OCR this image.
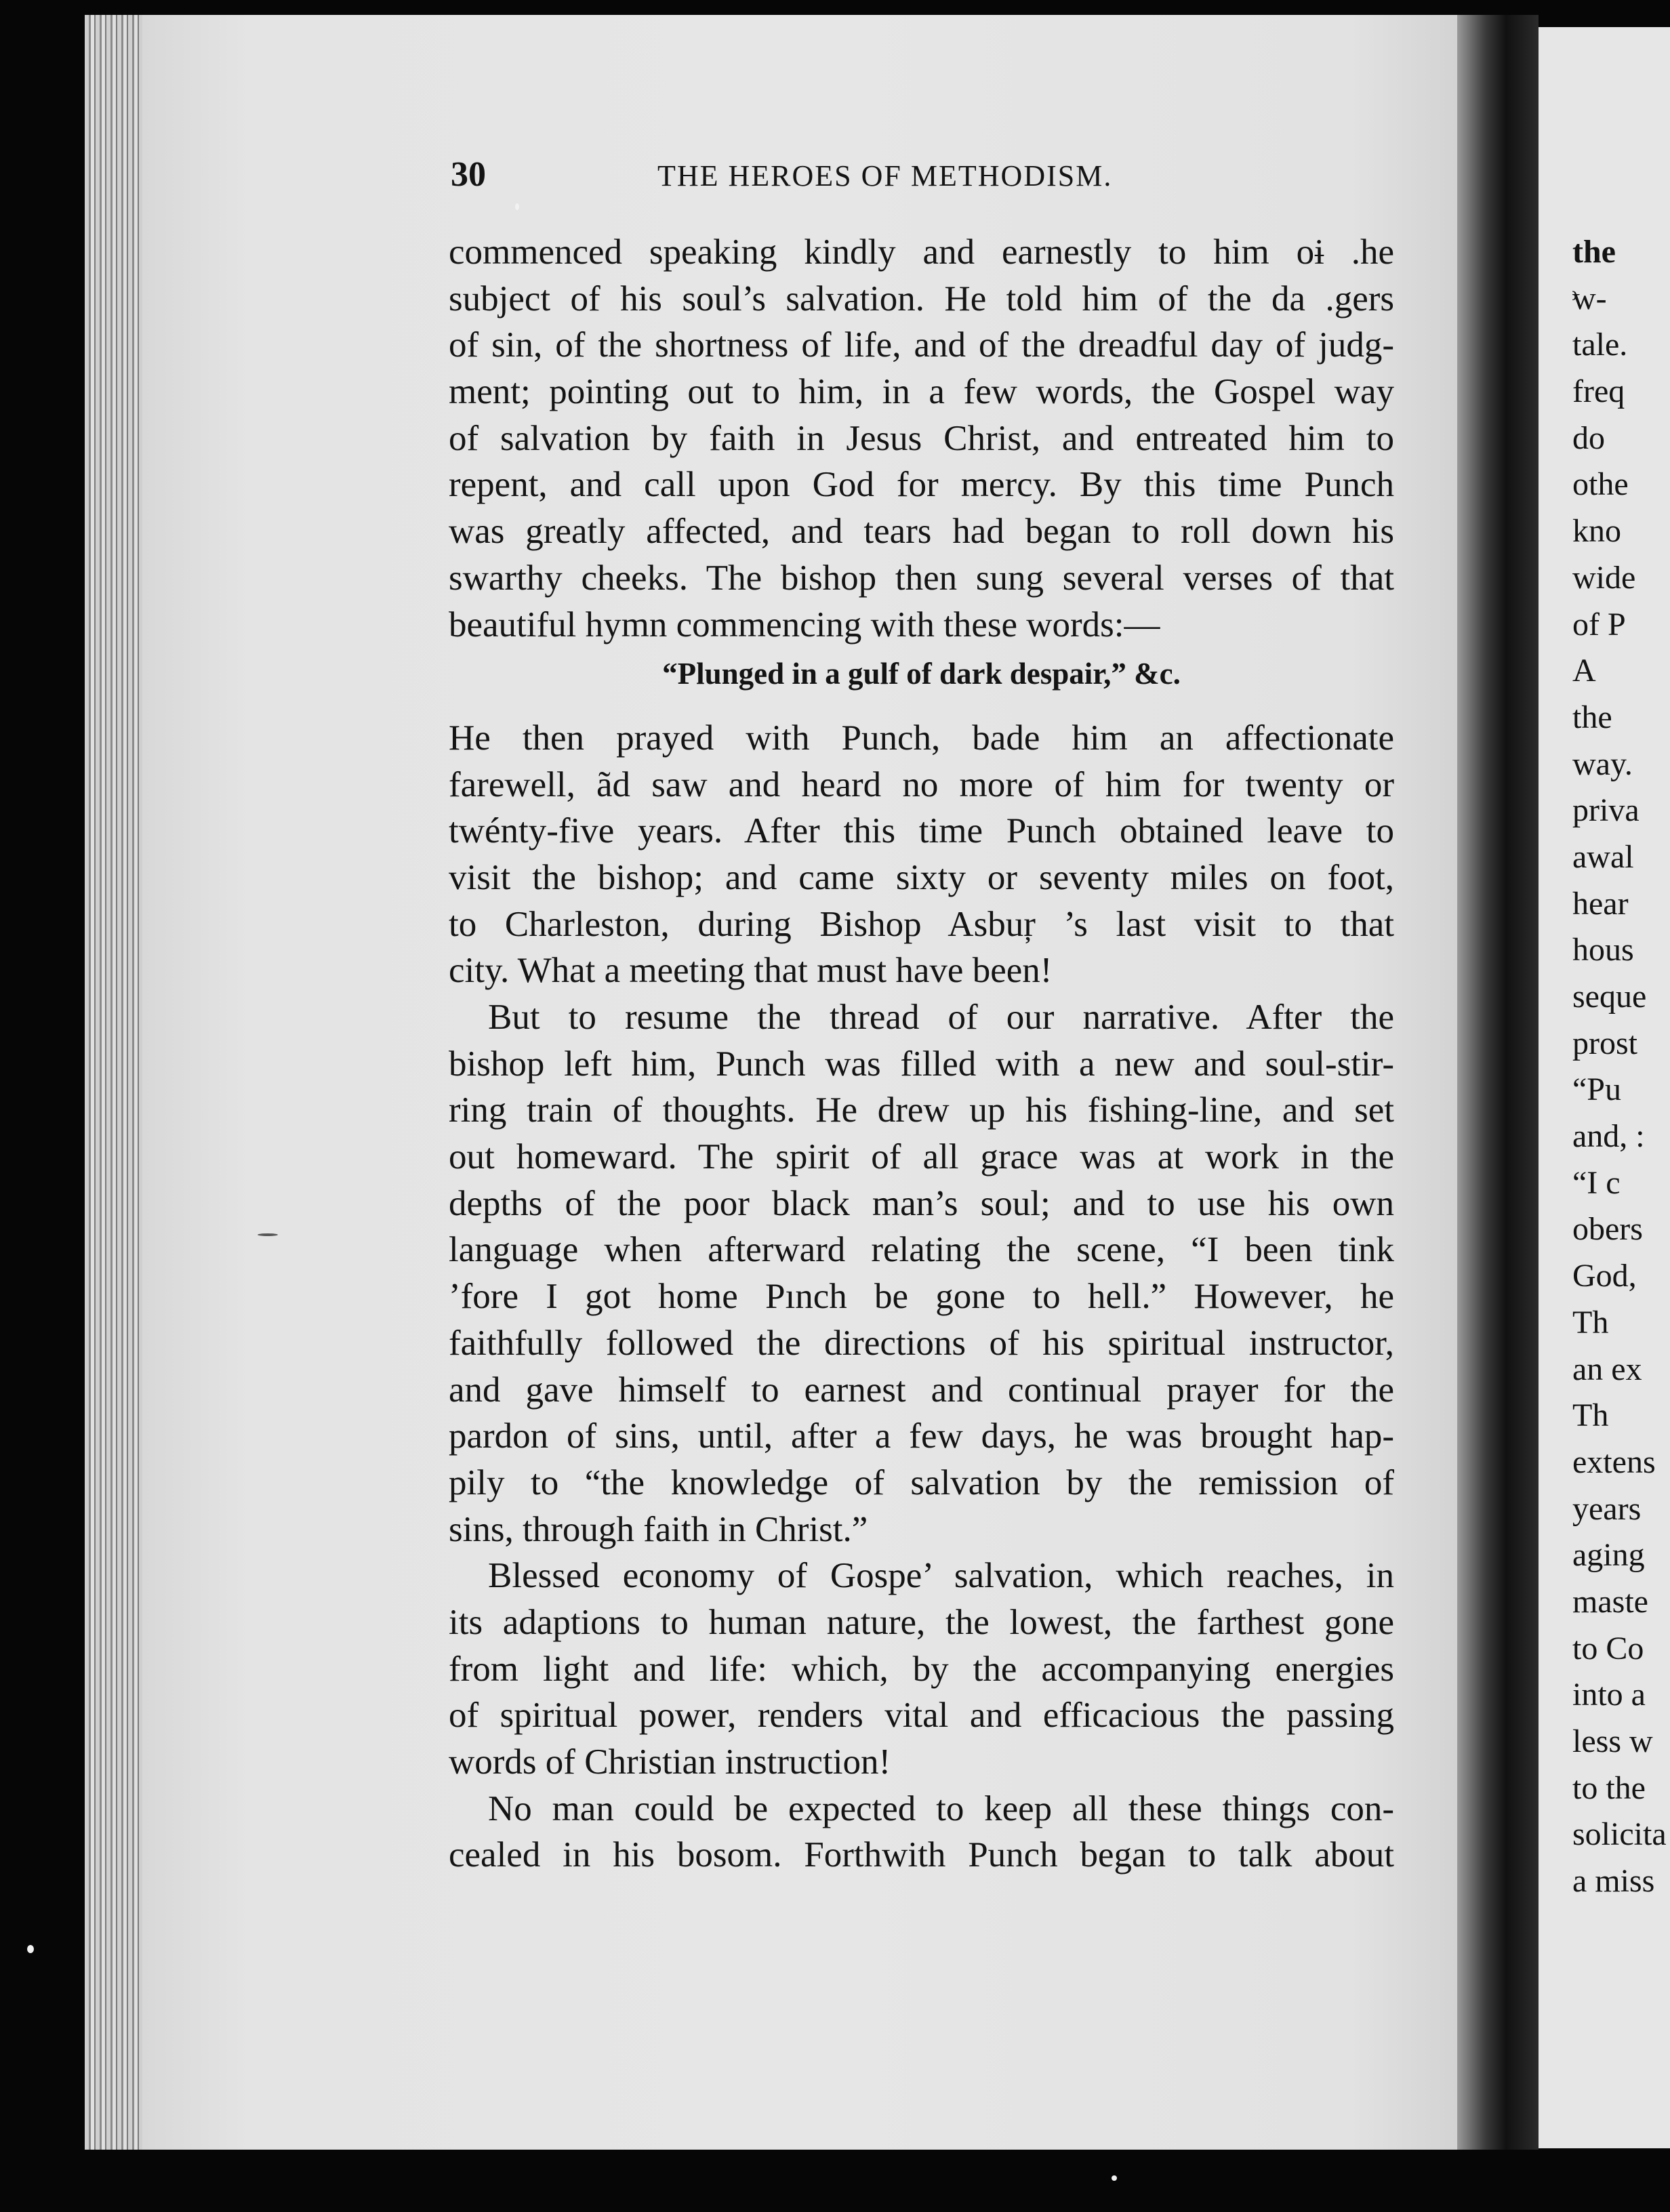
30	THE HEROES OF METHODISM.
commenced speaking kindly and earnestly to him oɨ .he
subject of his soul’s salvation. He told him of the da .gers
of sin, of the shortness of life, and of the dreadful day of judg-
ment; pointing out to him, in a few words, the Gospel way
of salvation by faith in Jesus Christ, and entreated him to
repent, and call upon God for mercy. By this time Punch
was greatly affected, and tears had began to roll down his
swarthy cheeks. The bishop then sung several verses of that
beautiful hymn commencing with these words:—
“Plunged in a gulf of dark despair,” &c.
He then prayed with Punch, bade him an affectionate
farewell, ãd saw and heard no more of him for twenty or
twénty-five years. After this time Punch obtained leave to
visit the bishop; and came sixty or seventy miles on foot,
to Charleston, during Bishop Asbuŗ ’s last visit to that
city. What a meeting that must have been!
But to resume the thread of our narrative. After the
bishop left him, Punch was filled with a new and soul-stir-
ring train of thoughts. He drew up his fishing-line, and set
out homeward. The spirit of all grace was at work in the
depths of the poor black man’s soul; and to use his own
language when afterward relating the scene, “I been tink
’fore I got home Pınch be gone to hell.” However, he
faithfully followed the directions of his spiritual instructor,
and gave himself to earnest and continual prayer for the
pardon of sins, until, after a few days, he was brought hap-
pily to “the knowledge of salvation by the remission of
sins, through faith in Christ.”
Blessed economy of Gospe’ salvation, which reaches, in
its adaptions to human nature, the lowest, the farthest gone
from light and life: which, by the accompanying energies
of spiritual power, renders vital and efficacious the passing
words of Christian instruction!
No man could be expected to keep all these things con-
cealed in his bosom. Forthwith Punch began to talk about
the
ͦw-
tale.
freq
do
othe
kno
wide
of P
A
the
way.
priva
awal
hear
hous
seque
prost
“Pu
and, :
“I c
obers
God,
Th
an ex
Th
extens
years
aging
maste
to Co
into a
less w
to the
solicita
a miss
